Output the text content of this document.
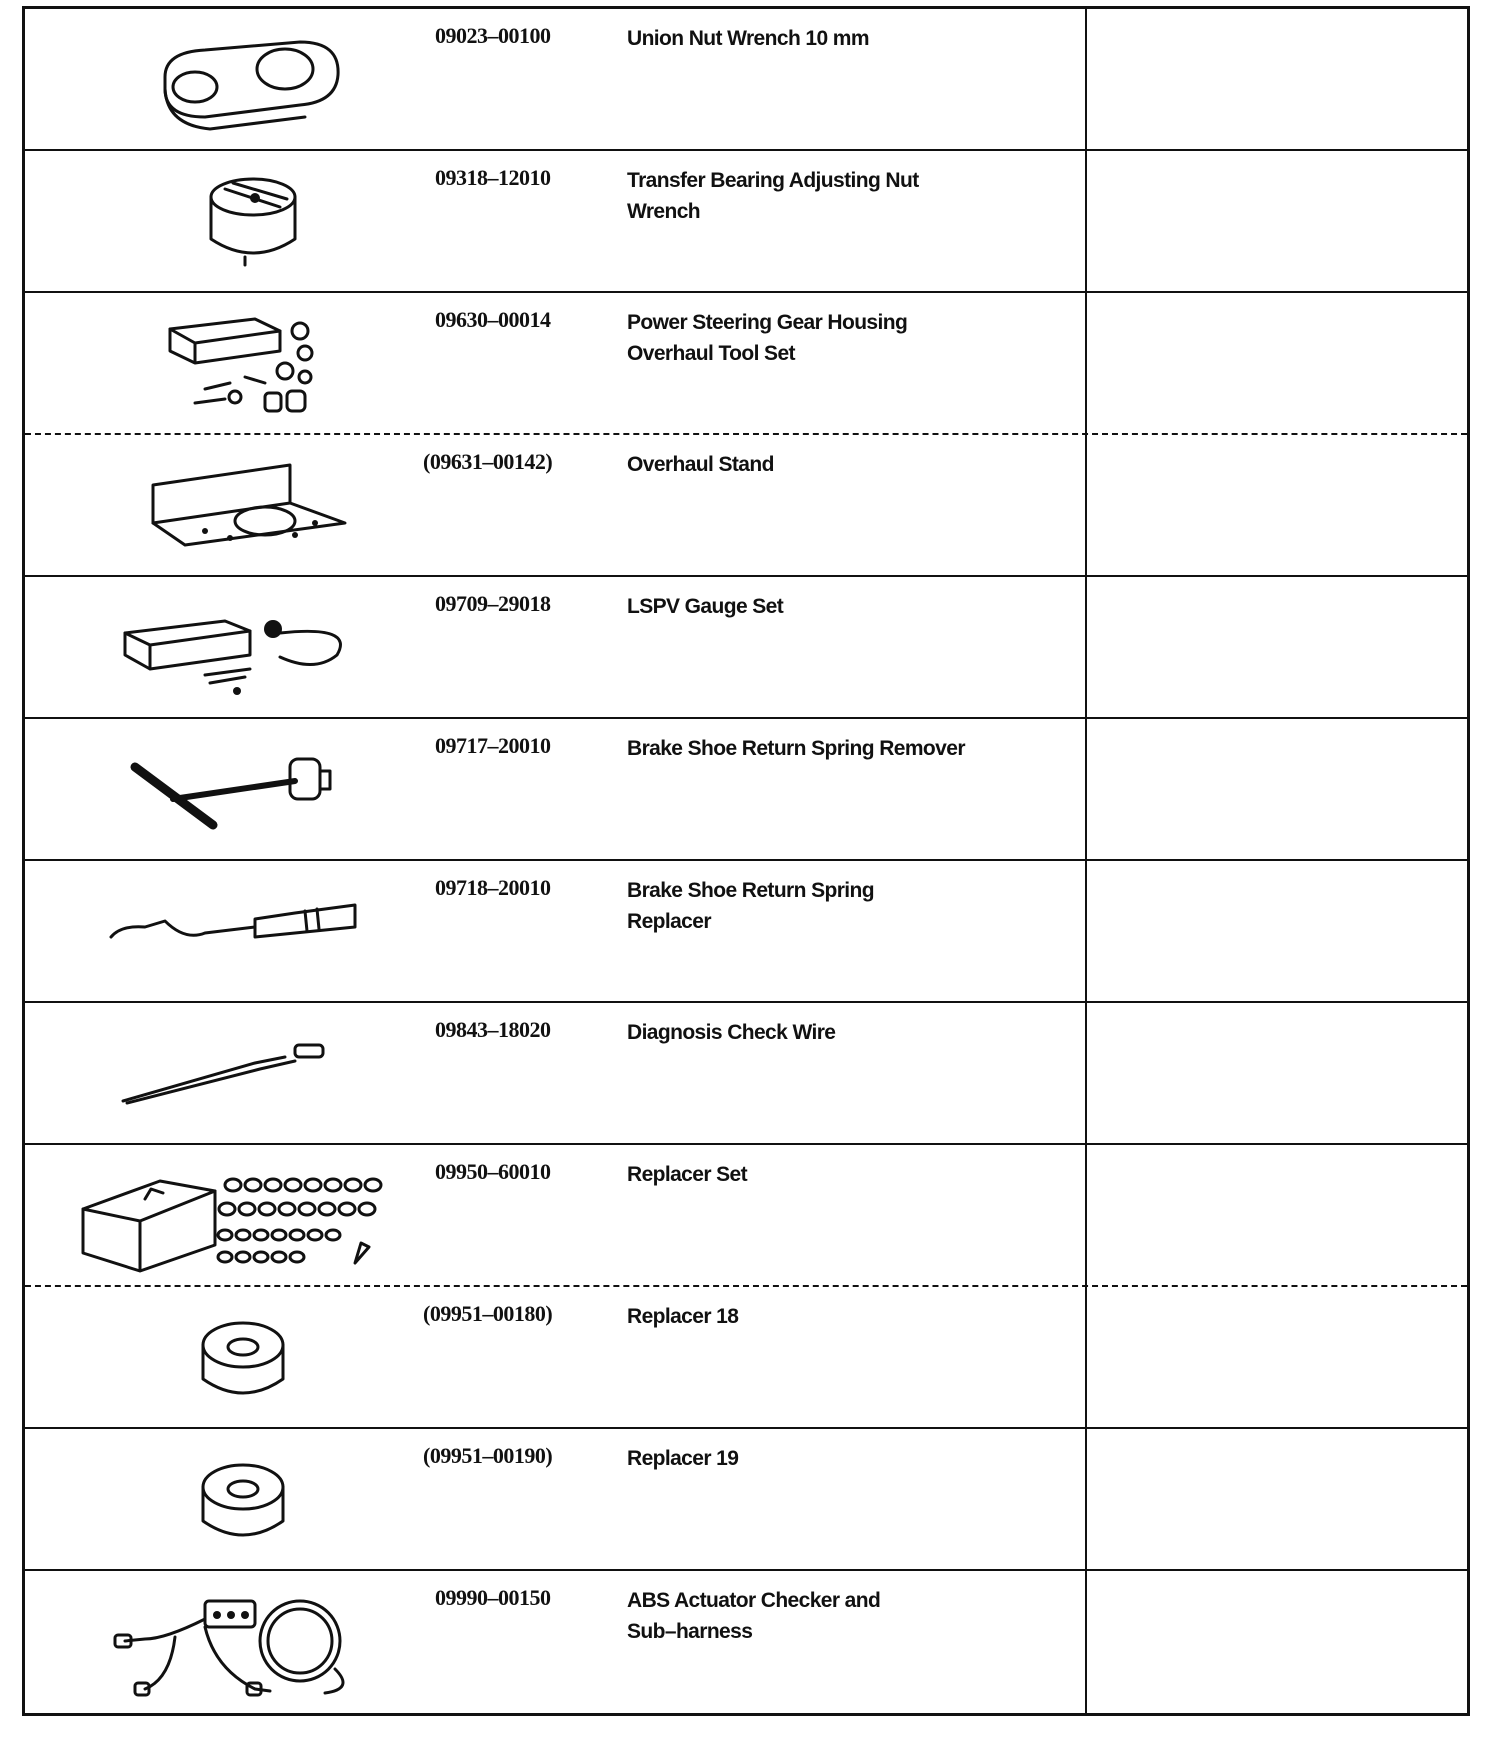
09023–00100	Union Nut Wrench 10 mm
09318–12010	Transfer Bearing Adjusting Nut
Wrench
09630–00014	Power Steering Gear Housing
Overhaul Tool Set
(09631–00142)	Overhaul Stand
09709–29018	LSPV Gauge Set
09717–20010	Brake Shoe Return Spring Remover
09718–20010	Brake Shoe Return Spring
Replacer
09843–18020	Diagnosis Check Wire
09950–60010	Replacer Set
(09951–00180)	Replacer 18
(09951–00190)	Replacer 19
09990–00150	ABS Actuator Checker and
Sub–harness
